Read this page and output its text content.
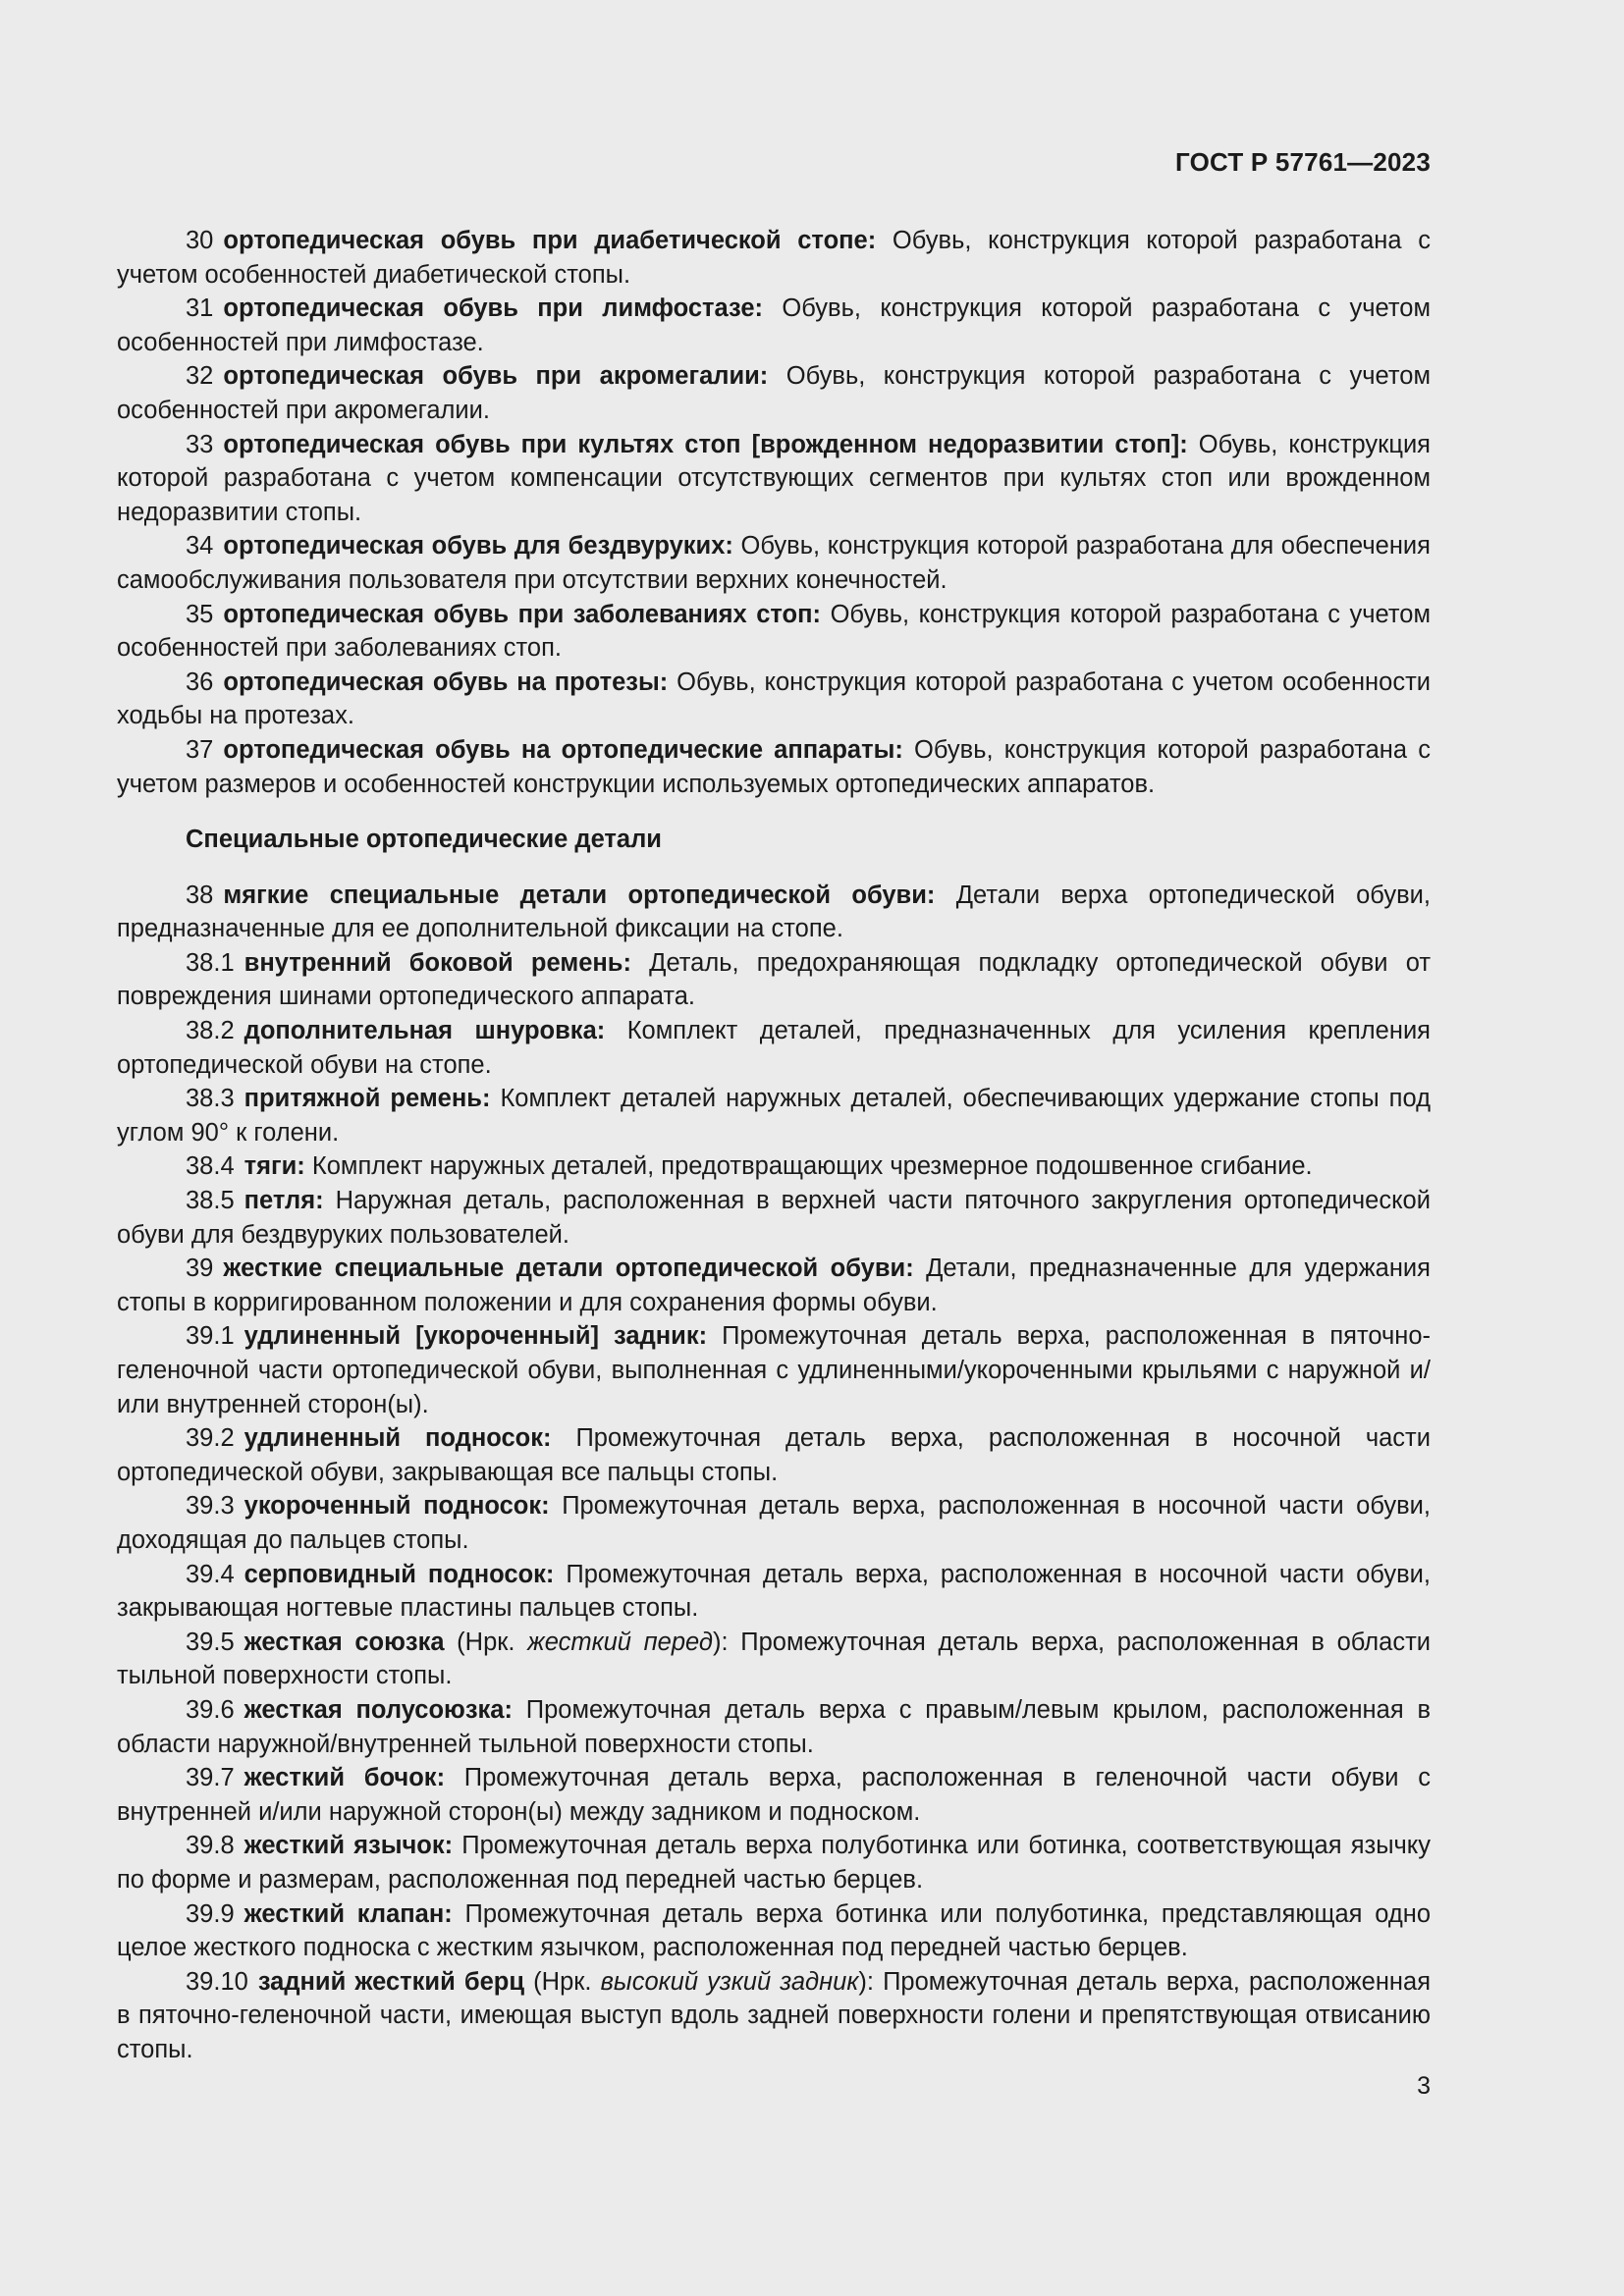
ГОСТ Р 57761—2023

30 ортопедическая обувь при диабетической стопе: Обувь, конструкция которой разработана с учетом особенностей диабетической стопы.

31 ортопедическая обувь при лимфостазе: Обувь, конструкция которой разработана с учетом особенностей при лимфостазе.

32 ортопедическая обувь при акромегалии: Обувь, конструкция которой разработана с учетом особенностей при акромегалии.

33 ортопедическая обувь при культях стоп [врожденном недоразвитии стоп]: Обувь, конструкция которой разработана с учетом компенсации отсутствующих сегментов при культях стоп или врожденном недоразвитии стопы.

34 ортопедическая обувь для бездвуруких: Обувь, конструкция которой разработана для обеспечения самообслуживания пользователя при отсутствии верхних конечностей.

35 ортопедическая обувь при заболеваниях стоп: Обувь, конструкция которой разработана с учетом особенностей при заболеваниях стоп.

36 ортопедическая обувь на протезы: Обувь, конструкция которой разработана с учетом особенности ходьбы на протезах.

37 ортопедическая обувь на ортопедические аппараты: Обувь, конструкция которой разработана с учетом размеров и особенностей конструкции используемых ортопедических аппаратов.

Специальные ортопедические детали

38 мягкие специальные детали ортопедической обуви: Детали верха ортопедической обуви, предназначенные для ее дополнительной фиксации на стопе.

38.1 внутренний боковой ремень: Деталь, предохраняющая подкладку ортопедической обуви от повреждения шинами ортопедического аппарата.

38.2 дополнительная шнуровка: Комплект деталей, предназначенных для усиления крепления ортопедической обуви на стопе.

38.3 притяжной ремень: Комплект деталей наружных деталей, обеспечивающих удержание стопы под углом 90° к голени.

38.4 тяги: Комплект наружных деталей, предотвращающих чрезмерное подошвенное сгибание.

38.5 петля: Наружная деталь, расположенная в верхней части пяточного закругления ортопедической обуви для бездвуруких пользователей.

39 жесткие специальные детали ортопедической обуви: Детали, предназначенные для удержания стопы в корригированном положении и для сохранения формы обуви.

39.1 удлиненный [укороченный] задник: Промежуточная деталь верха, расположенная в пяточно-геленочной части ортопедической обуви, выполненная с удлиненными/укороченными крыльями с наружной и/или внутренней сторон(ы).

39.2 удлиненный подносок: Промежуточная деталь верха, расположенная в носочной части ортопедической обуви, закрывающая все пальцы стопы.

39.3 укороченный подносок: Промежуточная деталь верха, расположенная в носочной части обуви, доходящая до пальцев стопы.

39.4 серповидный подносок: Промежуточная деталь верха, расположенная в носочной части обуви, закрывающая ногтевые пластины пальцев стопы.

39.5 жесткая союзка (Нрк. жесткий перед): Промежуточная деталь верха, расположенная в области тыльной поверхности стопы.

39.6 жесткая полусоюзка: Промежуточная деталь верха с правым/левым крылом, расположенная в области наружной/внутренней тыльной поверхности стопы.

39.7 жесткий бочок: Промежуточная деталь верха, расположенная в геленочной части обуви с внутренней и/или наружной сторон(ы) между задником и подноском.

39.8 жесткий язычок: Промежуточная деталь верха полуботинка или ботинка, соответствующая язычку по форме и размерам, расположенная под передней частью берцев.

39.9 жесткий клапан: Промежуточная деталь верха ботинка или полуботинка, представляющая одно целое жесткого подноска с жестким язычком, расположенная под передней частью берцев.

39.10 задний жесткий берц (Нрк. высокий узкий задник): Промежуточная деталь верха, расположенная в пяточно-геленочной части, имеющая выступ вдоль задней поверхности голени и препятствующая отвисанию стопы.

3
